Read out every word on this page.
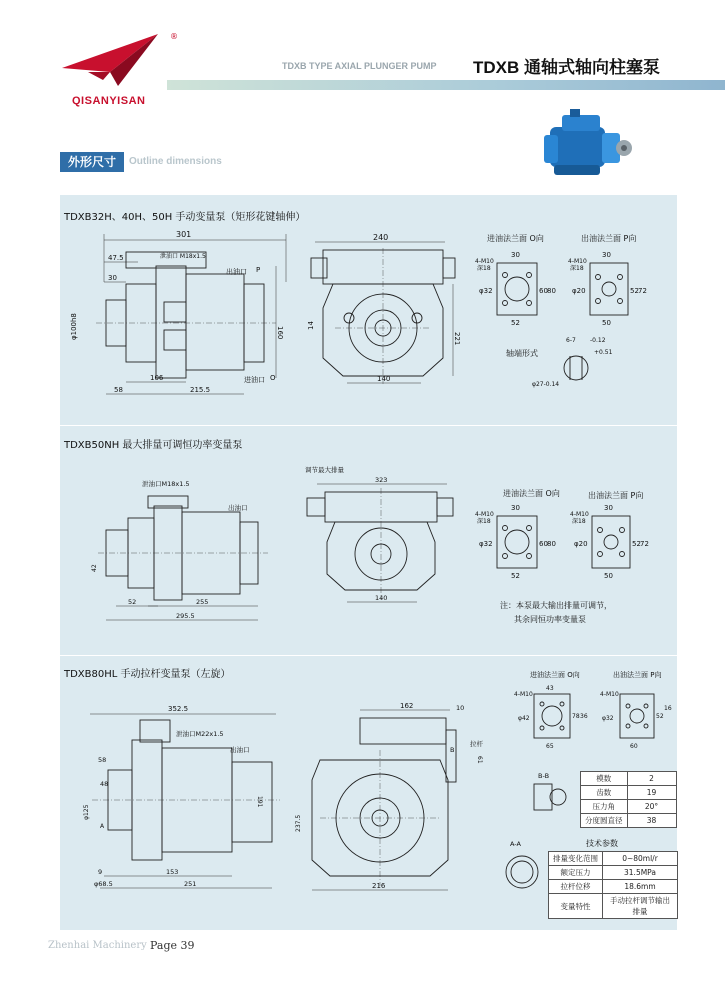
®
QISANYISAN
TDXB TYPE AXIAL PLUNGER PUMP TDXB 通轴式轴向柱塞泵
外形尺寸	Outline dimensions
TDXB32H、40H、50H 手动变量泵（矩形花键轴伸）
301
47.5
30
泄油口 M18x1.5
出油口 P
进油口 O
160
φ100h8
106
58	215.5
240
221
14
140
进油法兰面 O向
30
4-M10
深18
φ32	60 80
52
出油法兰面 P向
30
4-M10
深18
φ20	52 72
50
轴端形式
6-7 -0.12
+0.51
φ27-0.14
TDXB50NH 最大排量可调恒功率变量泵
泄油口M18x1.5
出油口
42
52	255
295.5
调节最大排量
323
140
进油法兰面 O向
30
4-M10
深18
φ32	60 80
52
出油法兰面 P向
30
4-M10
深18
φ20	52 72
50
注：本泵最大输出排量可调节，
其余同恒功率变量泵
TDXB80HL 手动拉杆变量泵（左旋）
352.5
泄油口M22x1.5
出油口
φ125
58
48
A
191
9	153
φ68.5	251
162	10
拉杆
B
61
237.5
216
进油法兰面 O向
43
4-M10
φ42	78 36
65
出油法兰面 P向
4-M10
φ32	52
16
60
B-B	模数	2
齿数	19
压力角	20°
分度圆直径	38
A-A	技术参数
排量变化范围	0~80ml/r
额定压力	31.5MPa
拉杆位移	18.6mm
变量特性	手动拉杆调节输出排量
Zhenhai Machinery Page 39
